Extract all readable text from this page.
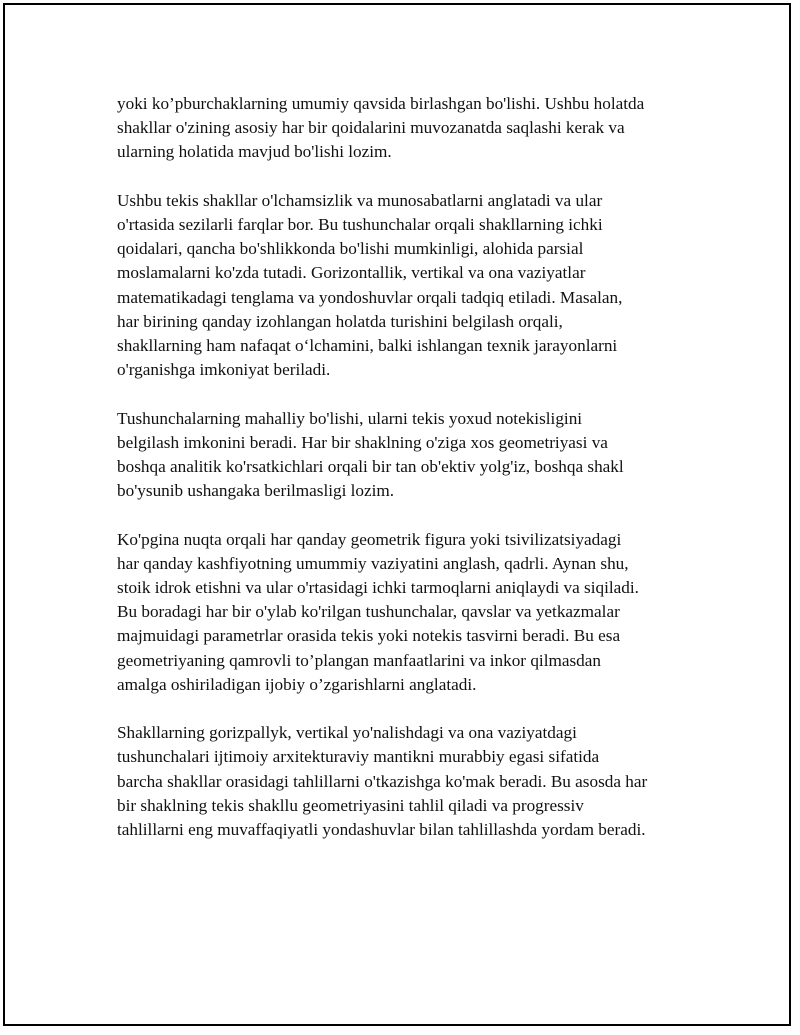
yoki ko’pburchaklarning umumiy qavsida birlashgan bo'lishi. Ushbu holatda
shakllar o'zining asosiy har bir qoidalarini muvozanatda saqlashi kerak va
ularning holatida mavjud bo'lishi lozim.
Ushbu tekis shakllar o'lchamsizlik va munosabatlarni anglatadi va ular
o'rtasida sezilarli farqlar bor. Bu tushunchalar orqali shakllarning ichki
qoidalari, qancha bo'shlikkonda bo'lishi mumkinligi, alohida parsial
moslamalarni ko'zda tutadi. Gorizontallik, vertikal va ona vaziyatlar
matematikadagi tenglama va yondoshuvlar orqali tadqiq etiladi. Masalan,
har birining qanday izohlangan holatda turishini belgilash orqali,
shakllarning ham nafaqat o‘lchamini, balki ishlangan texnik jarayonlarni
o'rganishga imkoniyat beriladi.
Tushunchalarning mahalliy bo'lishi, ularni tekis yoxud notekisligini
belgilash imkonini beradi. Har bir shaklning o'ziga xos geometriyasi va
boshqa analitik ko'rsatkichlari orqali bir tan ob'ektiv yolg'iz, boshqa shakl
bo'ysunib ushangaka berilmasligi lozim.
Ko'pgina nuqta orqali har qanday geometrik figura yoki tsivilizatsiyadagi
har qanday kashfiyotning umummiy vaziyatini anglash, qadrli. Aynan shu,
stoik idrok etishni va ular o'rtasidagi ichki tarmoqlarni aniqlaydi va siqiladi.
Bu boradagi har bir o'ylab ko'rilgan tushunchalar, qavslar va yetkazmalar
majmuidagi parametrlar orasida tekis yoki notekis tasvirni beradi. Bu esa
geometriyaning qamrovli to’plangan manfaatlarini va inkor qilmasdan
amalga oshiriladigan ijobiy o’zgarishlarni anglatadi.
Shakllarning gorizpallyk, vertikal yo'nalishdagi va ona vaziyatdagi
tushunchalari ijtimoiy arxitekturaviy mantikni murabbiy egasi sifatida
barcha shakllar orasidagi tahlillarni o'tkazishga ko'mak beradi. Bu asosda har
bir shaklning tekis shakllu geometriyasini tahlil qiladi va progressiv
tahlillarni eng muvaffaqiyatli yondashuvlar bilan tahlillashda yordam beradi.
